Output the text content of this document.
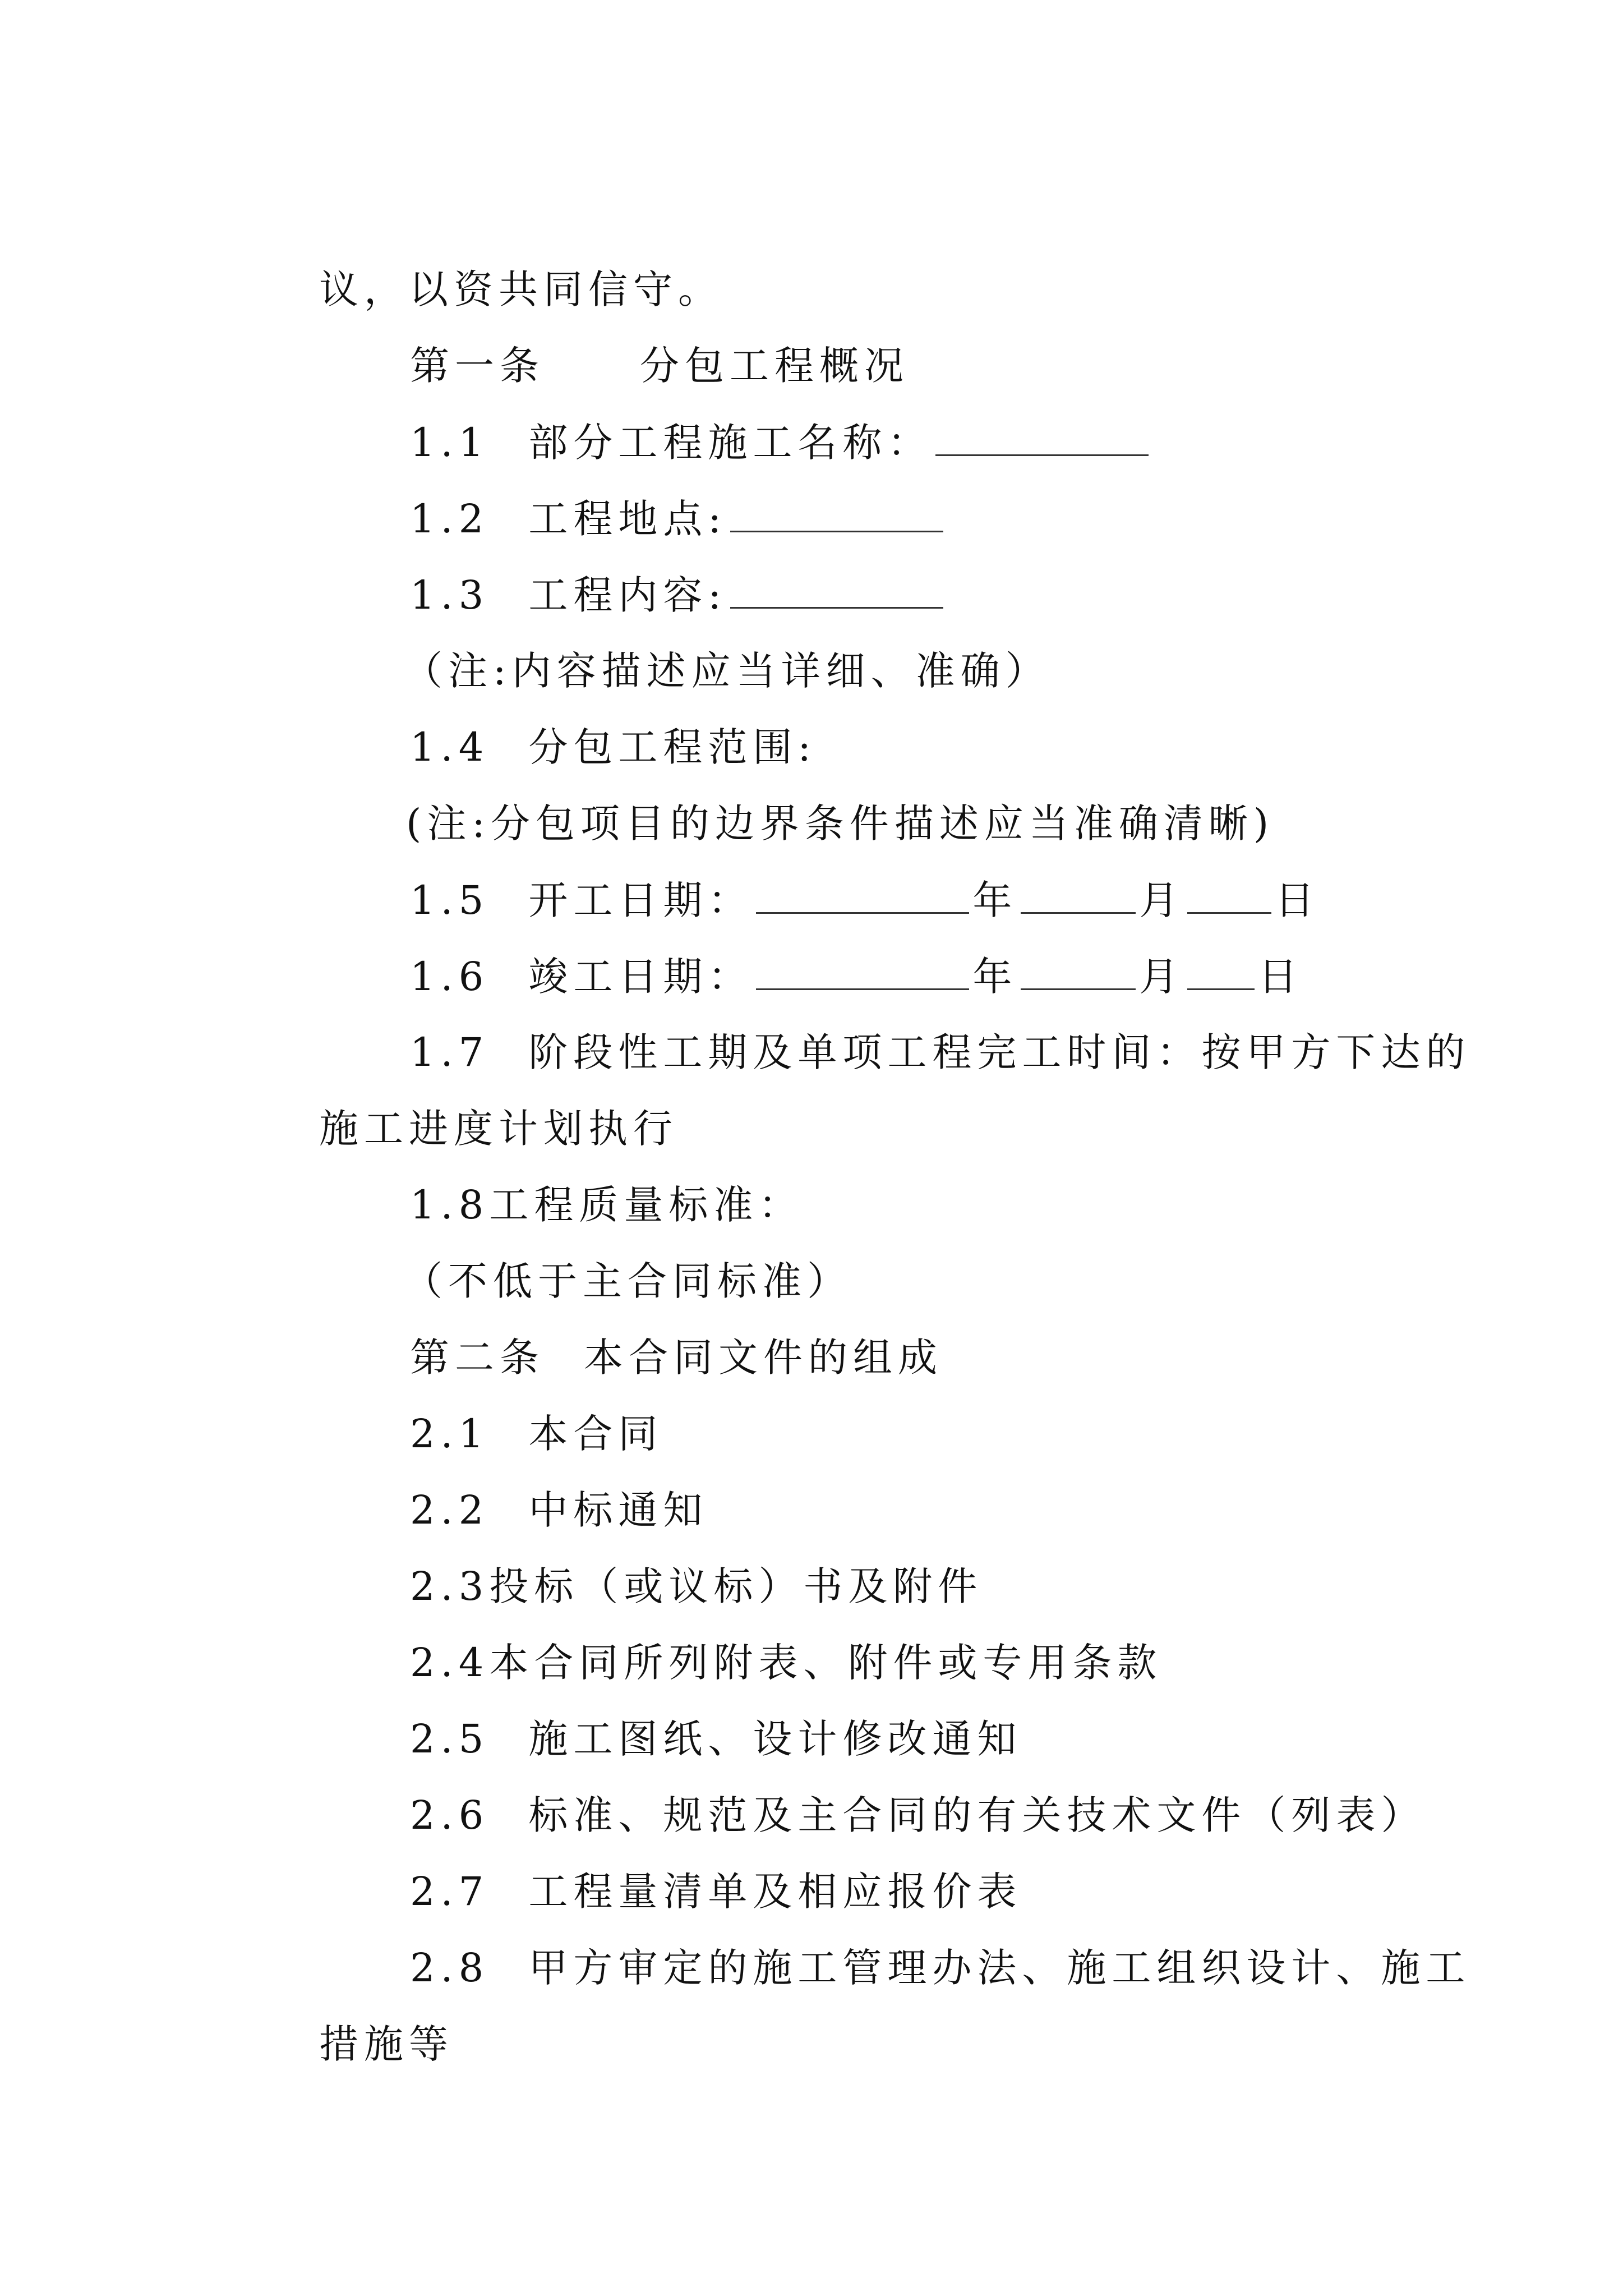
议，以资共同信守。

第一条 分包工程概况

1.1 部分工程施工名称：

1.2 工程地点:

1.3 工程内容:

（注:内容描述应当详细、准确）

1.4 分包工程范围:

(注:分包项目的边界条件描述应当准确清晰)

1.5 开工日期：	年	月 日

1.6 竣工日期：	年	月 日

1.7 阶段性工期及单项工程完工时间：按甲方下达的

施工进度计划执行

1.8工程质量标准：

（不低于主合同标准）

第二条 本合同文件的组成

2.1 本合同

2.2 中标通知

2.3投标（或议标）书及附件

2.4本合同所列附表、附件或专用条款

2.5 施工图纸、设计修改通知

2.6 标准、规范及主合同的有关技术文件（列表）

2.7 工程量清单及相应报价表

2.8 甲方审定的施工管理办法、施工组织设计、施工

措施等
